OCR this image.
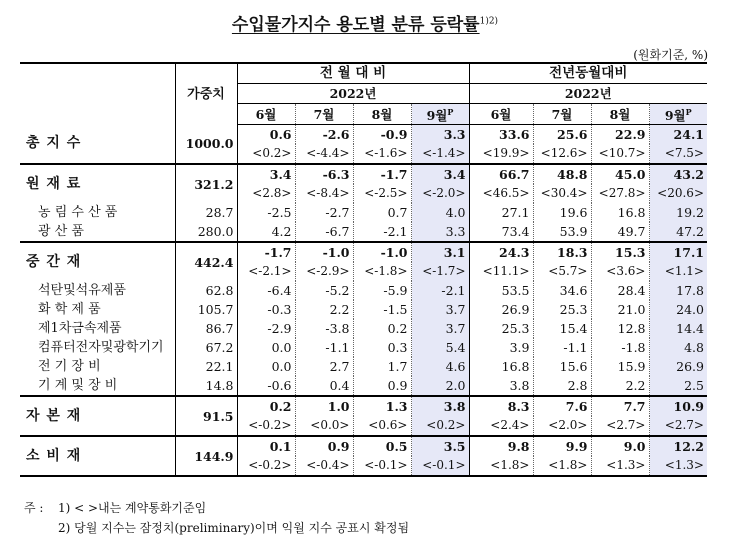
수입물가지수 용도별 분류 등락률$^{1)2)}$
(원화기준, %)
	가중치	전 월 대 비				전년동월대비			
		2022년				2022년			
		6월	7월	8월	9월$^P$	6월	7월	8월	9월$^P$
총 지 수	1000.0	0.6	-2.6	-0.9	3.3	33.6	25.6	22.9	24.1
		<0.2>	<-4.4>	<-1.6>	<-1.4>	<19.9>	<12.6>	<10.7>	<7.5>
원 재 료	321.2	3.4	-6.3	-1.7	3.4	66.7	48.8	45.0	43.2
		<2.8>	<-8.4>	<-2.5>	<-2.0>	<46.5>	<30.4>	<27.8>	<20.6>
농 림 수 산 품	28.7	-2.5	-2.7	0.7	4.0	27.1	19.6	16.8	19.2
광 산 품	280.0	4.2	-6.7	-2.1	3.3	73.4	53.9	49.7	47.2
중 간 재	442.4	-1.7	-1.0	-1.0	3.1	24.3	18.3	15.3	17.1
		<-2.1>	<-2.9>	<-1.8>	<-1.7>	<11.1>	<5.7>	<3.6>	<1.1>
석탄및석유제품	62.8	-6.4	-5.2	-5.9	-2.1	53.5	34.6	28.4	17.8
화 학 제 품	105.7	-0.3	2.2	-1.5	3.7	26.9	25.3	21.0	24.0
제1차금속제품	86.7	-2.9	-3.8	0.2	3.7	25.3	15.4	12.8	14.4
컴퓨터전자및광학기기	67.2	0.0	-1.1	0.3	5.4	3.9	-1.1	-1.8	4.8
전 기 장 비	22.1	0.0	2.7	1.7	4.6	16.8	15.6	15.9	26.9
기 계 및 장 비	14.8	-0.6	0.4	0.9	2.0	3.8	2.8	2.2	2.5
자 본 재	91.5	0.2	1.0	1.3	3.8	8.3	7.6	7.7	10.9
		<-0.2>	<0.0>	<0.6>	<0.2>	<2.4>	<2.0>	<2.7>	<2.7>
소 비 재	144.9	0.1	0.9	0.5	3.5	9.8	9.9	9.0	12.2
		<-0.2>	<-0.4>	<-0.1>	<-0.1>	<1.8>	<1.8>	<1.3>	<1.3>
주 : 1) < >내는 계약통화기준임
2) 당월 지수는 잠정치(preliminary)이며 익월 지수 공표시 확정됨
